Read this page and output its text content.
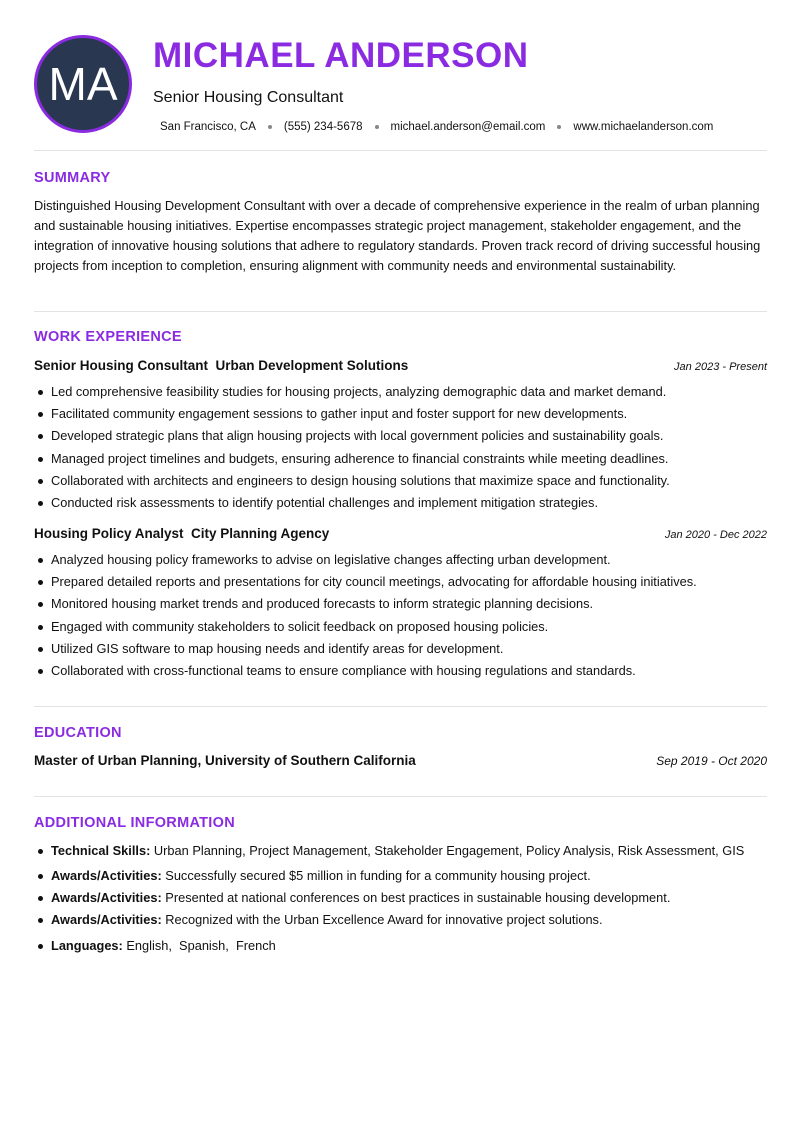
MA
MICHAEL ANDERSON
Senior Housing Consultant
San Francisco, CA (555) 234-5678 michael.anderson@email.com www.michaelanderson.com
SUMMARY
Distinguished Housing Development Consultant with over a decade of comprehensive experience in the realm of urban planning and sustainable housing initiatives. Expertise encompasses strategic project management, stakeholder engagement, and the integration of innovative housing solutions that adhere to regulatory standards. Proven track record of driving successful housing projects from inception to completion, ensuring alignment with community needs and environmental sustainability.
WORK EXPERIENCE
Senior Housing Consultant Urban Development Solutions	Jan 2023 - Present
Led comprehensive feasibility studies for housing projects, analyzing demographic data and market demand.
Facilitated community engagement sessions to gather input and foster support for new developments.
Developed strategic plans that align housing projects with local government policies and sustainability goals.
Managed project timelines and budgets, ensuring adherence to financial constraints while meeting deadlines.
Collaborated with architects and engineers to design housing solutions that maximize space and functionality.
Conducted risk assessments to identify potential challenges and implement mitigation strategies.
Housing Policy Analyst City Planning Agency	Jan 2020 - Dec 2022
Analyzed housing policy frameworks to advise on legislative changes affecting urban development.
Prepared detailed reports and presentations for city council meetings, advocating for affordable housing initiatives.
Monitored housing market trends and produced forecasts to inform strategic planning decisions.
Engaged with community stakeholders to solicit feedback on proposed housing policies.
Utilized GIS software to map housing needs and identify areas for development.
Collaborated with cross-functional teams to ensure compliance with housing regulations and standards.
EDUCATION
Master of Urban Planning, University of Southern California	Sep 2019 - Oct 2020
ADDITIONAL INFORMATION
Technical Skills: Urban Planning, Project Management, Stakeholder Engagement, Policy Analysis, Risk Assessment, GIS
Awards/Activities: Successfully secured $5 million in funding for a community housing project.
Awards/Activities: Presented at national conferences on best practices in sustainable housing development.
Awards/Activities: Recognized with the Urban Excellence Award for innovative project solutions.
Languages: English , Spanish , French
